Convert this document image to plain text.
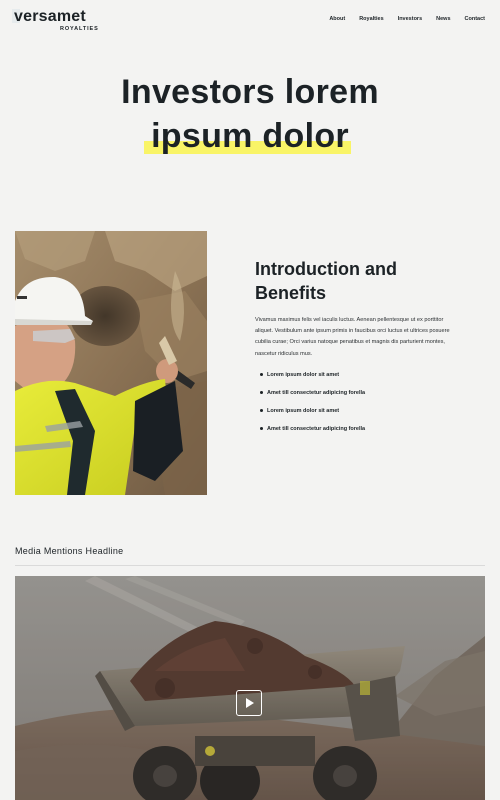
versamet
ROYALTIES
About	Royalties	Investors	News	Contact
Investors lorem
ipsum dolor
Introduction and
Benefits

Vivamus maximus felis vel iaculis luctus. Aenean pellentesque ut ex porttitor aliquet. Vestibulum ante ipsum primis in faucibus orci luctus et ultrices posuere cubilia curae; Orci varius natoque penatibus et magnis dis parturient montes, nascetur ridiculus mus.

Lorem ipsum dolor sit amet
Amet till consectetur adipicing forella
Lorem ipsum dolor sit amet
Amet till consectetur adipicing forella
Media Mentions Headline
